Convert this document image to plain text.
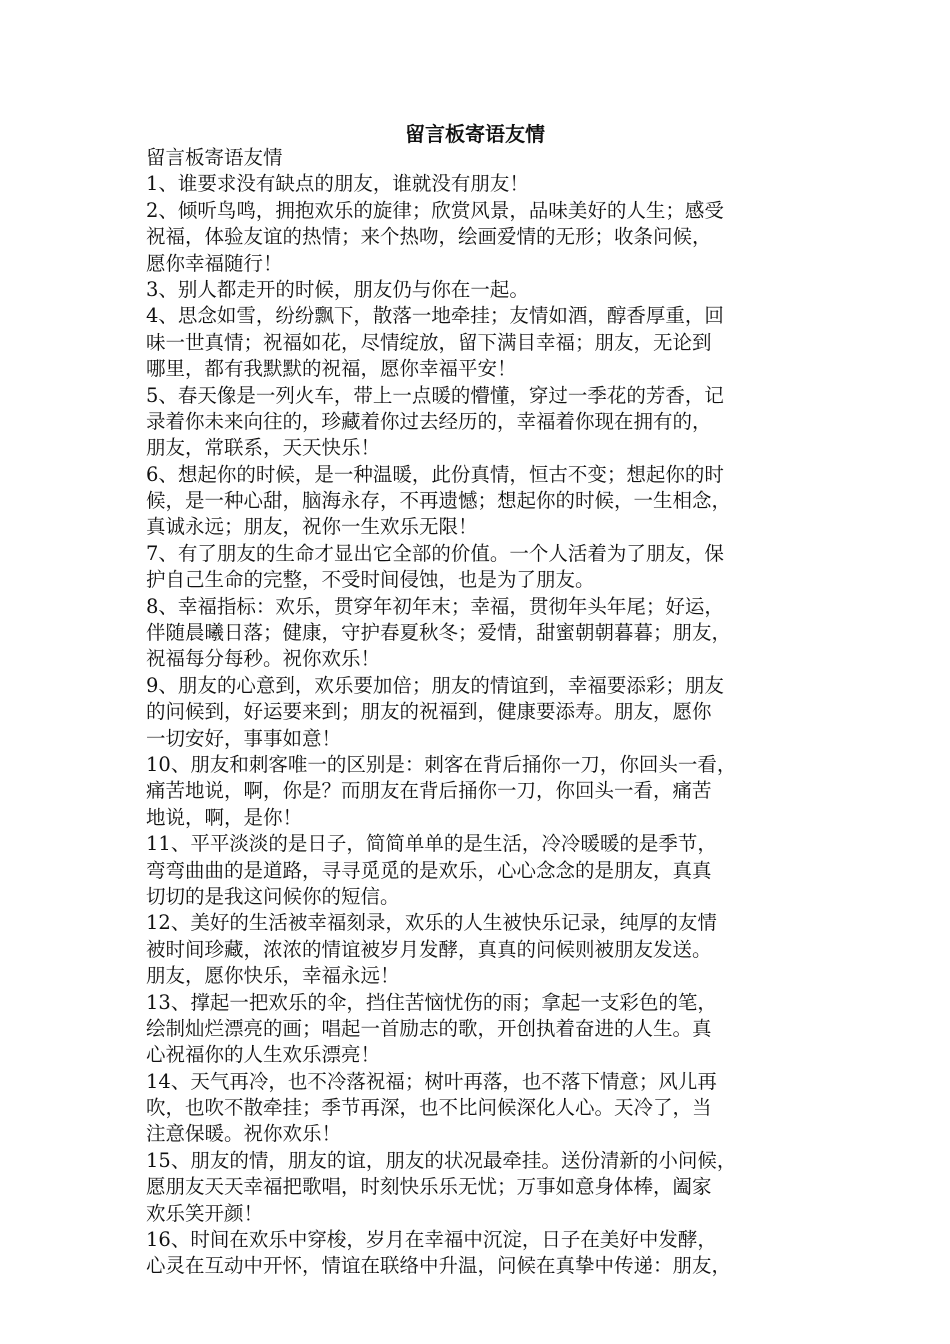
留言板寄语友情
留言板寄语友情
1、谁要求没有缺点的朋友，谁就没有朋友！
2、倾听鸟鸣，拥抱欢乐的旋律；欣赏风景，品味美好的人生；感受
祝福，体验友谊的热情；来个热吻，绘画爱情的无形；收条问候，
愿你幸福随行！
3、别人都走开的时候，朋友仍与你在一起。
4、思念如雪，纷纷飘下，散落一地牵挂；友情如酒，醇香厚重，回
味一世真情；祝福如花，尽情绽放，留下满目幸福；朋友，无论到
哪里，都有我默默的祝福，愿你幸福平安！
5、春天像是一列火车，带上一点暖的懵懂，穿过一季花的芳香，记
录着你未来向往的，珍藏着你过去经历的，幸福着你现在拥有的，
朋友，常联系，天天快乐！
6、想起你的时候，是一种温暖，此份真情，恒古不变；想起你的时
候，是一种心甜，脑海永存，不再遗憾；想起你的时候，一生相念，
真诚永远；朋友，祝你一生欢乐无限！
7、有了朋友的生命才显出它全部的价值。一个人活着为了朋友，保
护自己生命的完整，不受时间侵蚀，也是为了朋友。
8、幸福指标：欢乐，贯穿年初年末；幸福，贯彻年头年尾；好运，
伴随晨曦日落；健康，守护春夏秋冬；爱情，甜蜜朝朝暮暮；朋友，
祝福每分每秒。祝你欢乐！
9、朋友的心意到，欢乐要加倍；朋友的情谊到，幸福要添彩；朋友
的问候到，好运要来到；朋友的祝福到，健康要添寿。朋友，愿你
一切安好，事事如意！
10、朋友和刺客唯一的区别是：刺客在背后捅你一刀，你回头一看，
痛苦地说，啊，你是？而朋友在背后捅你一刀，你回头一看，痛苦
地说，啊，是你！
11、平平淡淡的是日子，简简单单的是生活，冷冷暖暖的是季节，
弯弯曲曲的是道路，寻寻觅觅的是欢乐，心心念念的是朋友，真真
切切的是我这问候你的短信。
12、美好的生活被幸福刻录，欢乐的人生被快乐记录，纯厚的友情
被时间珍藏，浓浓的情谊被岁月发酵，真真的问候则被朋友发送。
朋友，愿你快乐，幸福永远！
13、撑起一把欢乐的伞，挡住苦恼忧伤的雨；拿起一支彩色的笔，
绘制灿烂漂亮的画；唱起一首励志的歌，开创执着奋进的人生。真
心祝福你的人生欢乐漂亮！
14、天气再冷，也不冷落祝福；树叶再落，也不落下情意；风儿再
吹，也吹不散牵挂；季节再深，也不比问候深化人心。天冷了，当
注意保暖。祝你欢乐！
15、朋友的情，朋友的谊，朋友的状况最牵挂。送份清新的小问候，
愿朋友天天幸福把歌唱，时刻快乐乐无忧；万事如意身体棒，阖家
欢乐笑开颜！
16、时间在欢乐中穿梭，岁月在幸福中沉淀，日子在美好中发酵，
心灵在互动中开怀，情谊在联络中升温，问候在真挚中传递：朋友，
